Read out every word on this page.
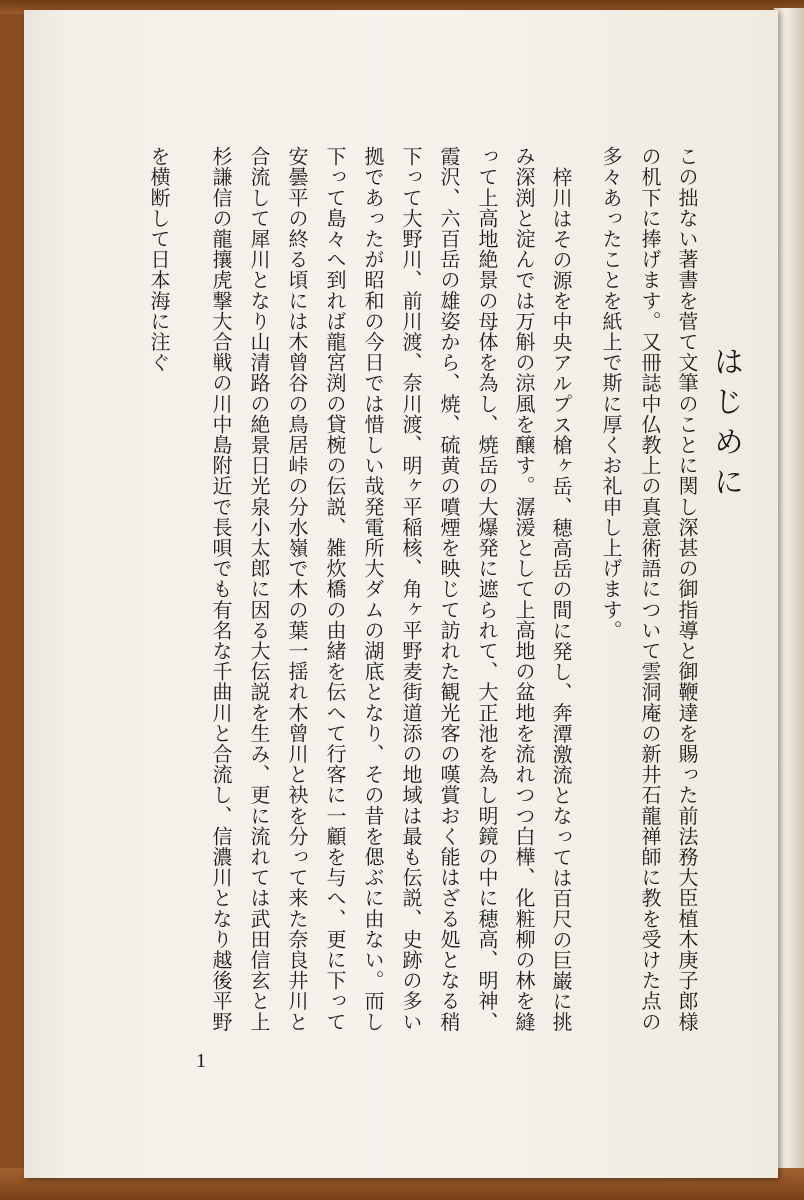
はじめに
この拙ない著書を菅て文筆のことに関し深甚の御指導と御鞭達を賜った前法務大臣植木庚子郎様
の机下に捧げます。又冊誌中仏教上の真意術語について雲洞庵の新井石龍禅師に教を受けた点の
多々あったことを紙上で斯に厚くお礼申し上げます。
梓川はその源を中央アルプス槍ヶ岳、穂高岳の間に発し、奔潭激流となっては百尺の巨巌に挑
み深渕と淀んでは万斛の涼風を醸す。潺湲として上高地の盆地を流れつつ白樺、化粧柳の林を縫
って上高地絶景の母体を為し、焼岳の大爆発に遮られて、大正池を為し明鏡の中に穂高、明神、
霞沢、六百岳の雄姿から、焼、硫黄の噴煙を映じて訪れた観光客の嘆賞おく能はざる処となる稍
下って大野川、前川渡、奈川渡、明ヶ平稲核、角ヶ平野麦街道添の地域は最も伝説、史跡の多い
拠であったが昭和の今日では惜しい哉発電所大ダムの湖底となり、その昔を偲ぶに由ない。而し
下って島々へ到れば龍宮渕の貸椀の伝説、雑炊橋の由緒を伝へて行客に一顧を与へ、更に下って
安曇平の終る頃には木曾谷の鳥居峠の分水嶺で木の葉一揺れ木曾川と袂を分って来た奈良井川と
合流して犀川となり山清路の絶景日光泉小太郎に因る大伝説を生み、更に流れては武田信玄と上
杉謙信の龍攘虎撃大合戦の川中島附近で長唄でも有名な千曲川と合流し、信濃川となり越後平野
を横断して日本海に注ぐ
1
